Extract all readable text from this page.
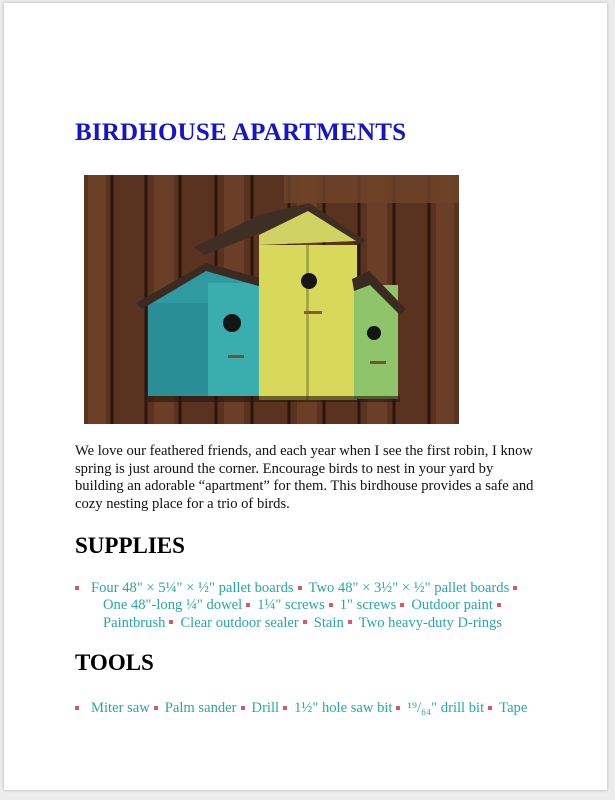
BIRDHOUSE APARTMENTS

We love our feathered friends, and each year when I see the first robin, I know spring is just around the corner. Encourage birds to nest in your yard by building an adorable “apartment” for them. This birdhouse provides a safe and cozy nesting place for a trio of birds.

SUPPLIES

Four 48" × 5¼" × ½" pallet boards Two 48" × 3½" × ½" pallet boards
One 48"-long ¼" dowel 1¼" screws 1" screws Outdoor paint
Paintbrush Clear outdoor sealer Stain Two heavy-duty D-rings

TOOLS

Miter saw Palm sander Drill 1½" hole saw bit ¹⁹/₆₄" drill bit Tape
